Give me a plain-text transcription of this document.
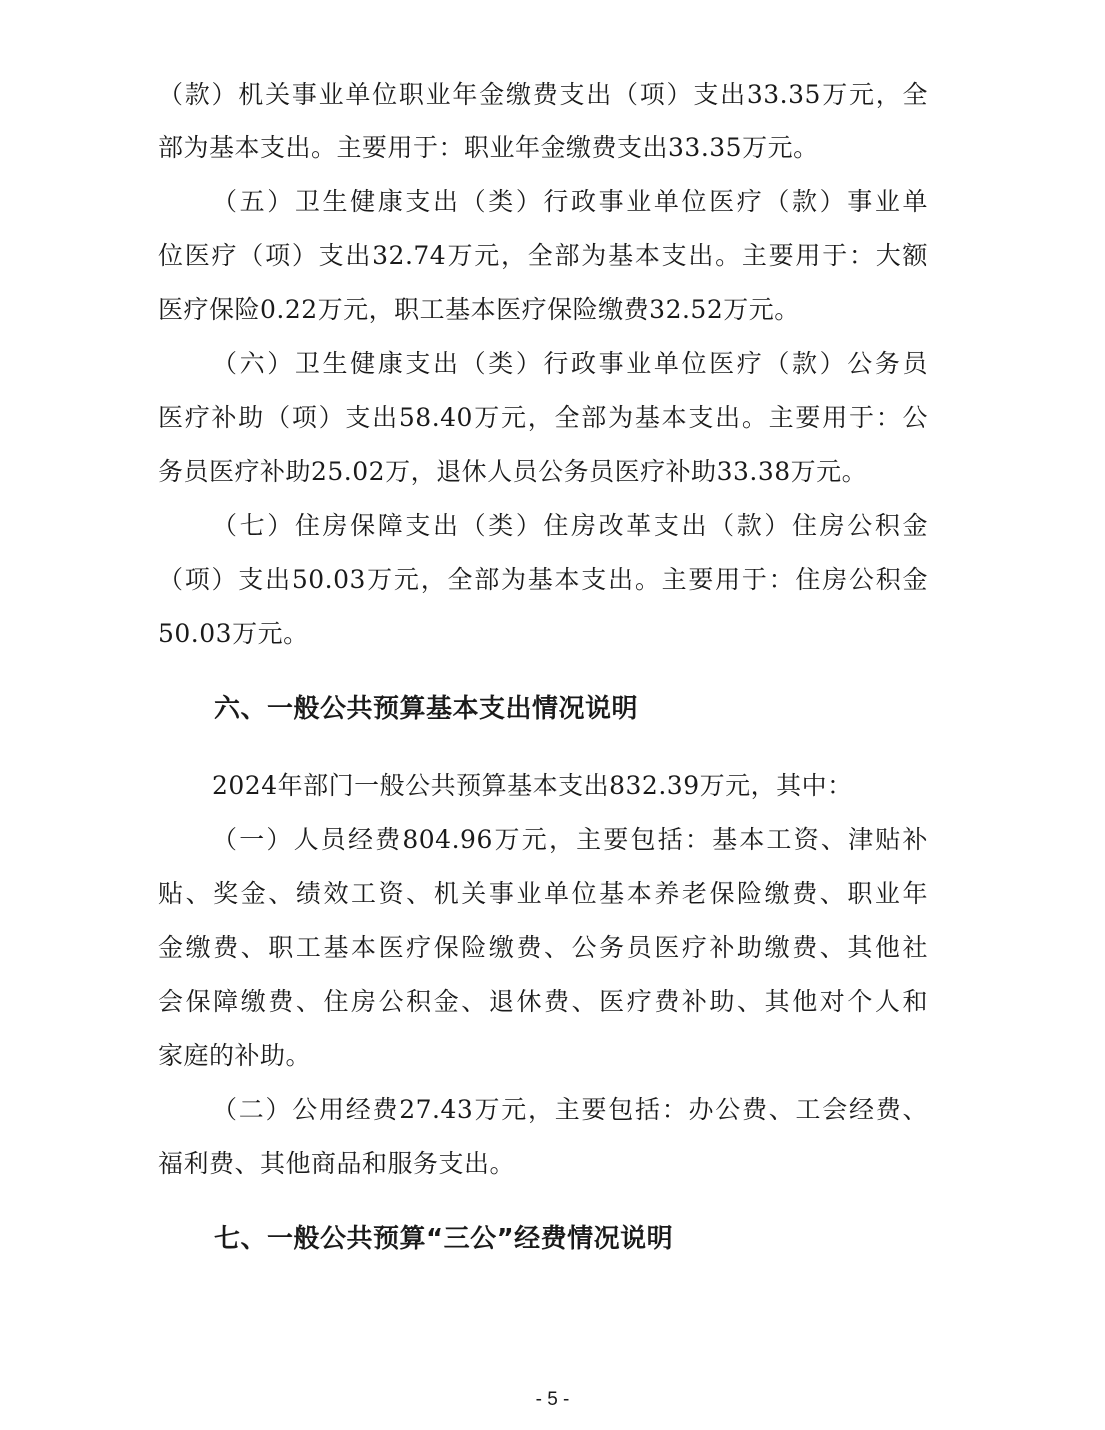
（款）机关事业单位职业年金缴费支出（项）支出33.35万元，全
部为基本支出。主要用于：职业年金缴费支出33.35万元。
（五）卫生健康支出（类）行政事业单位医疗（款）事业单
位医疗（项）支出32.74万元，全部为基本支出。主要用于：大额
医疗保险0.22万元，职工基本医疗保险缴费32.52万元。
（六）卫生健康支出（类）行政事业单位医疗（款）公务员
医疗补助（项）支出58.40万元，全部为基本支出。主要用于：公
务员医疗补助25.02万，退休人员公务员医疗补助33.38万元。
（七）住房保障支出（类）住房改革支出（款）住房公积金
（项）支出50.03万元，全部为基本支出。主要用于：住房公积金
50.03万元。
六、一般公共预算基本支出情况说明
2024年部门一般公共预算基本支出832.39万元，其中：
（一）人员经费804.96万元，主要包括：基本工资、津贴补
贴、奖金、绩效工资、机关事业单位基本养老保险缴费、职业年
金缴费、职工基本医疗保险缴费、公务员医疗补助缴费、其他社
会保障缴费、住房公积金、退休费、医疗费补助、其他对个人和
家庭的补助。
（二）公用经费27.43万元，主要包括：办公费、工会经费、
福利费、其他商品和服务支出。
七、一般公共预算“三公”经费情况说明
- 5 -
